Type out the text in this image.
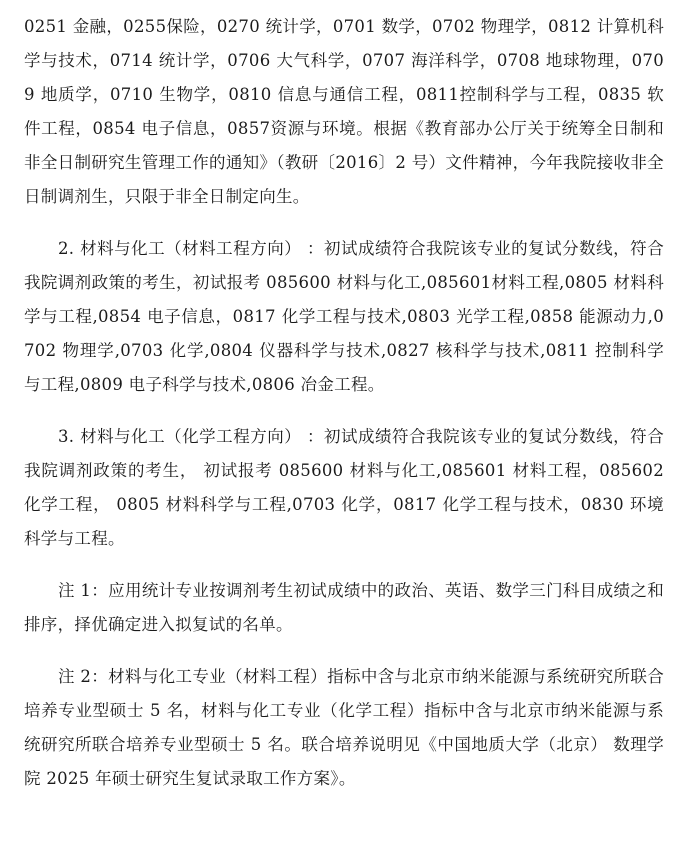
0251 金融，0255保险，0270 统计学，0701 数学，0702 物理学，0812 计算机科学与技术，0714 统计学，0706 大气科学，0707 海洋科学，0708 地球物理，0709 地质学，0710 生物学，0810 信息与通信工程，0811控制科学与工程，0835 软件工程，0854 电子信息，0857资源与环境。根据《教育部办公厅关于统筹全日制和非全日制研究生管理工作的通知》（教研〔2016〕2 号）文件精神，今年我院接收非全日制调剂生，只限于非全日制定向生。

2. 材料与化工（材料工程方向） ：初试成绩符合我院该专业的复试分数线，符合我院调剂政策的考生，初试报考 085600 材料与化工,085601材料工程,0805 材料科学与工程,0854 电子信息，0817 化学工程与技术,0803 光学工程,0858 能源动力,0702 物理学,0703 化学,0804 仪器科学与技术,0827 核科学与技术,0811 控制科学与工程,0809 电子科学与技术,0806 冶金工程。

3. 材料与化工（化学工程方向） ：初试成绩符合我院该专业的复试分数线，符合我院调剂政策的考生， 初试报考 085600 材料与化工,085601 材料工程，085602化学工程， 0805 材料科学与工程,0703 化学，0817 化学工程与技术，0830 环境科学与工程。

注 1：应用统计专业按调剂考生初试成绩中的政治、英语、数学三门科目成绩之和排序，择优确定进入拟复试的名单。

注 2：材料与化工专业（材料工程）指标中含与北京市纳米能源与系统研究所联合培养专业型硕士 5 名，材料与化工专业（化学工程）指标中含与北京市纳米能源与系统研究所联合培养专业型硕士 5 名。联合培养说明见《中国地质大学（北京） 数理学院 2025 年硕士研究生复试录取工作方案》。
